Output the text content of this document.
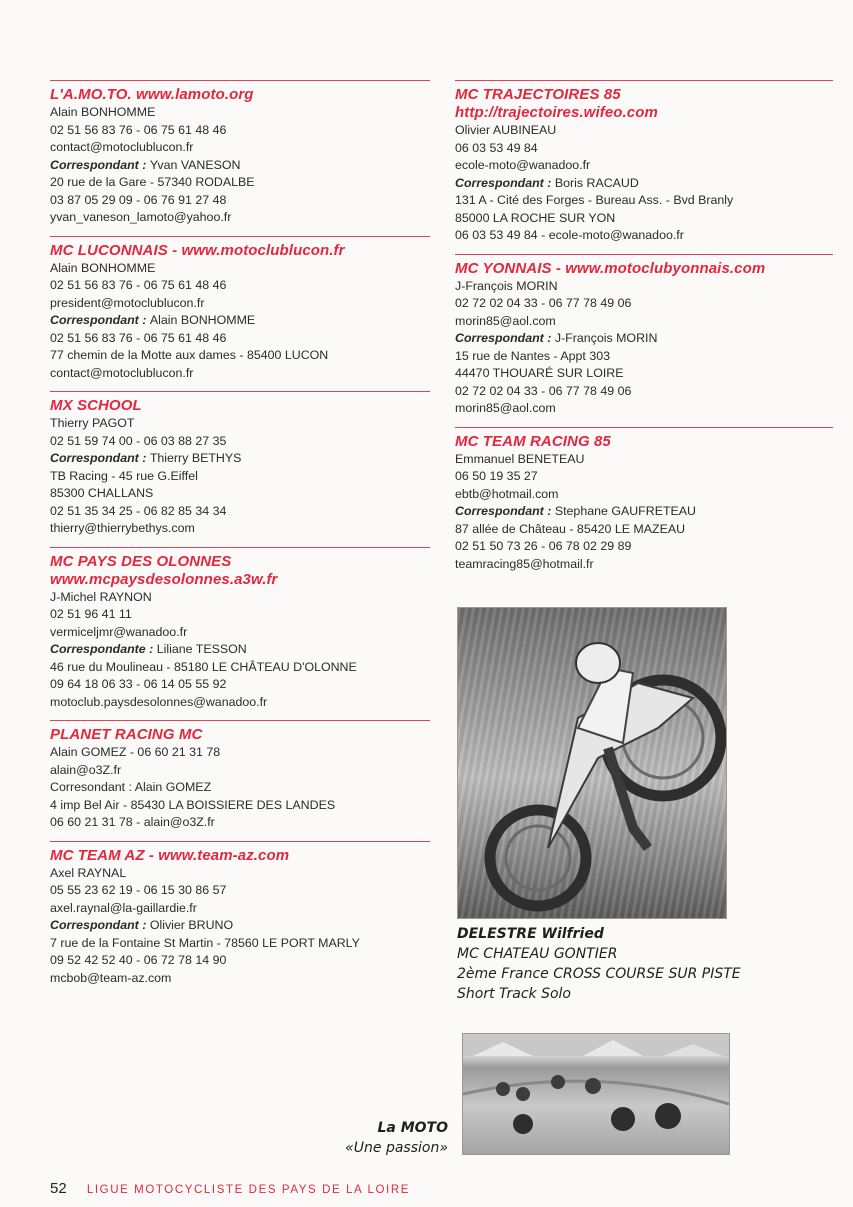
L'A.MO.TO. www.lamoto.org
Alain BONHOMME
02 51 56 83 76 - 06 75 61 48 46
contact@motoclublucon.fr
Correspondant : Yvan VANESON
20 rue de la Gare - 57340 RODALBE
03 87 05 29 09 - 06 76 91 27 48
yvan_vaneson_lamoto@yahoo.fr
MC LUCONNAIS - www.motoclublucon.fr
Alain BONHOMME
02 51 56 83 76 - 06 75 61 48 46
president@motoclublucon.fr
Correspondant : Alain BONHOMME
02 51 56 83 76 - 06 75 61 48 46
77 chemin de la Motte aux dames - 85400 LUCON
contact@motoclublucon.fr
MX SCHOOL
Thierry PAGOT
02 51 59 74 00 - 06 03 88 27 35
Correspondant : Thierry BETHYS
TB Racing - 45 rue G.Eiffel
85300 CHALLANS
02 51 35 34 25 - 06 82 85 34 34
thierry@thierrybethys.com
MC PAYS DES OLONNES
www.mcpaysdesolonnes.a3w.fr
J-Michel RAYNON
02 51 96 41 11
vermiceljmr@wanadoo.fr
Correspondante : Liliane TESSON
46 rue du Moulineau - 85180 LE CHÂTEAU D'OLONNE
09 64 18 06 33 - 06 14 05 55 92
motoclub.paysdesolonnes@wanadoo.fr
PLANET RACING MC
Alain GOMEZ - 06 60 21 31 78
alain@o3Z.fr
Corresondant : Alain GOMEZ
4 imp Bel Air - 85430 LA BOISSIERE DES LANDES
06 60 21 31 78 - alain@o3Z.fr
MC TEAM AZ - www.team-az.com
Axel RAYNAL
05 55 23 62 19 - 06 15 30 86 57
axel.raynal@la-gaillardie.fr
Correspondant : Olivier BRUNO
7 rue de la Fontaine St Martin - 78560 LE PORT MARLY
09 52 42 52 40 - 06 72 78 14 90
mcbob@team-az.com
MC TRAJECTOIRES 85
http://trajectoires.wifeo.com
Olivier AUBINEAU
06 03 53 49 84
ecole-moto@wanadoo.fr
Correspondant : Boris RACAUD
131 A - Cité des Forges - Bureau Ass. - Bvd Branly
85000 LA ROCHE SUR YON
06 03 53 49 84 - ecole-moto@wanadoo.fr
MC YONNAIS - www.motoclubyonnais.com
J-François MORIN
02 72 02 04 33 - 06 77 78 49 06
morin85@aol.com
Correspondant : J-François MORIN
15 rue de Nantes - Appt 303
44470 THOUARÉ SUR LOIRE
02 72 02 04 33 - 06 77 78 49 06
morin85@aol.com
MC TEAM RACING 85
Emmanuel BENETEAU
06 50 19 35 27
ebtb@hotmail.com
Correspondant : Stephane GAUFRETEAU
87 allée de Château - 85420 LE MAZEAU
02 51 50 73 26 - 06 78 02 29 89
teamracing85@hotmail.fr
DELESTRE Wilfried
MC CHATEAU GONTIER
2ème France CROSS COURSE SUR PISTE
Short Track Solo
La MOTO
«Une passion»
52 LIGUE MOTOCYCLISTE DES PAYS DE LA LOIRE
